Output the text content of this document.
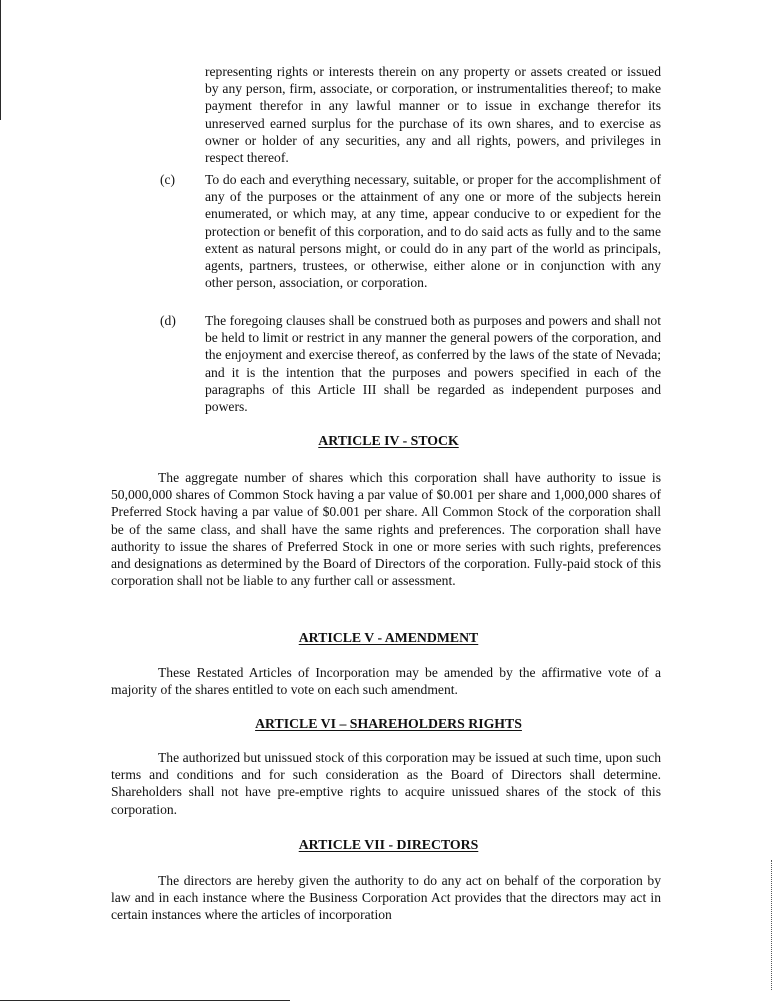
representing rights or interests therein on any property or assets created or issued by any person, firm, associate, or corporation, or instrumentalities thereof; to make payment therefor in any lawful manner or to issue in exchange therefor its unreserved earned surplus for the purchase of its own shares, and to exercise as owner or holder of any securities, any and all rights, powers, and privileges in respect thereof.
(c) To do each and everything necessary, suitable, or proper for the accomplishment of any of the purposes or the attainment of any one or more of the subjects herein enumerated, or which may, at any time, appear conducive to or expedient for the protection or benefit of this corporation, and to do said acts as fully and to the same extent as natural persons might, or could do in any part of the world as principals, agents, partners, trustees, or otherwise, either alone or in conjunction with any other person, association, or corporation.
(d) The foregoing clauses shall be construed both as purposes and powers and shall not be held to limit or restrict in any manner the general powers of the corporation, and the enjoyment and exercise thereof, as conferred by the laws of the state of Nevada; and it is the intention that the purposes and powers specified in each of the paragraphs of this Article III shall be regarded as independent purposes and powers.
ARTICLE IV - STOCK
The aggregate number of shares which this corporation shall have authority to issue is 50,000,000 shares of Common Stock having a par value of $0.001 per share and 1,000,000 shares of Preferred Stock having a par value of $0.001 per share. All Common Stock of the corporation shall be of the same class, and shall have the same rights and preferences. The corporation shall have authority to issue the shares of Preferred Stock in one or more series with such rights, preferences and designations as determined by the Board of Directors of the corporation. Fully-paid stock of this corporation shall not be liable to any further call or assessment.
ARTICLE V - AMENDMENT
These Restated Articles of Incorporation may be amended by the affirmative vote of a majority of the shares entitled to vote on each such amendment.
ARTICLE VI – SHAREHOLDERS RIGHTS
The authorized but unissued stock of this corporation may be issued at such time, upon such terms and conditions and for such consideration as the Board of Directors shall determine. Shareholders shall not have pre-emptive rights to acquire unissued shares of the stock of this corporation.
ARTICLE VII - DIRECTORS
The directors are hereby given the authority to do any act on behalf of the corporation by law and in each instance where the Business Corporation Act provides that the directors may act in certain instances where the articles of incorporation
